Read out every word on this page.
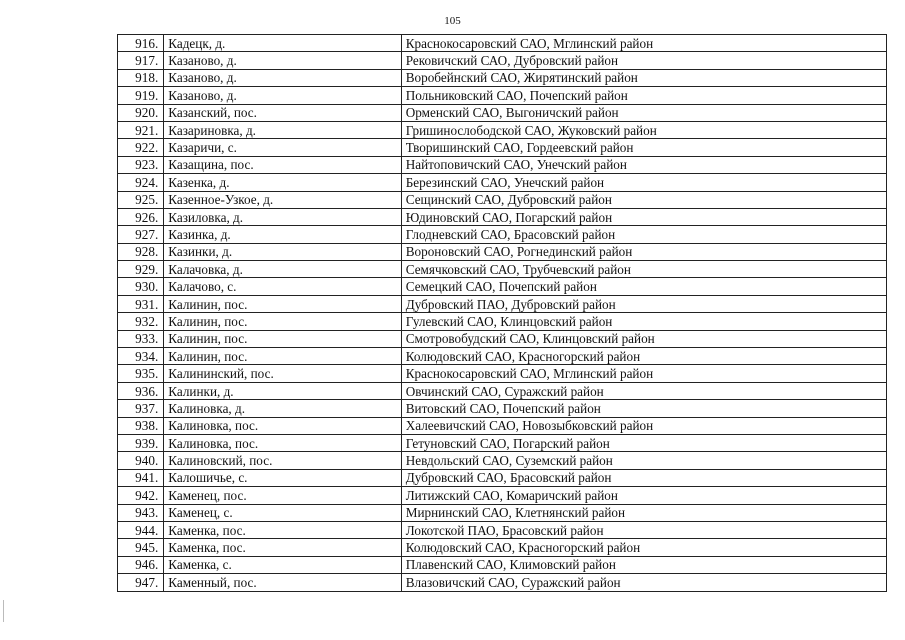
105
916.	Кадецк, д.	Краснокосаровский САО, Мглинский район
917.	Казаново, д.	Рековичский САО, Дубровский район
918.	Казаново, д.	Воробейнский САО, Жирятинский район
919.	Казаново, д.	Польниковский САО, Почепский район
920.	Казанский, пос.	Орменский САО, Выгоничский район
921.	Казариновка, д.	Гришинослободской САО, Жуковский район
922.	Казаричи, с.	Творишинский САО, Гордеевский район
923.	Казащина, пос.	Найтоповичский САО, Унечский район
924.	Казенка, д.	Березинский САО, Унечский район
925.	Казенное-Узкое, д.	Сещинский САО, Дубровский район
926.	Казиловка, д.	Юдиновский САО, Погарский район
927.	Казинка, д.	Глодневский САО, Брасовский район
928.	Казинки, д.	Вороновский САО, Рогнединский район
929.	Калачовка, д.	Семячковский САО, Трубчевский район
930.	Калачово, с.	Семецкий САО, Почепский район
931.	Калинин, пос.	Дубровский ПАО, Дубровский район
932.	Калинин, пос.	Гулевский САО, Клинцовский район
933.	Калинин, пос.	Смотровобудский САО, Клинцовский район
934.	Калинин, пос.	Колюдовский САО, Красногорский район
935.	Калининский, пос.	Краснокосаровский САО, Мглинский район
936.	Калинки, д.	Овчинский САО, Суражский район
937.	Калиновка, д.	Витовский САО, Почепский район
938.	Калиновка, пос.	Халеевичский САО, Новозыбковский район
939.	Калиновка, пос.	Гетуновский САО, Погарский район
940.	Калиновский, пос.	Невдольский САО, Суземский район
941.	Калошичье, с.	Дубровский САО, Брасовский район
942.	Каменец, пос.	Литижский САО, Комаричский район
943.	Каменец, с.	Мирнинский САО, Клетнянский район
944.	Каменка, пос.	Локотской ПАО, Брасовский район
945.	Каменка, пос.	Колюдовский САО, Красногорский район
946.	Каменка, с.	Плавенский САО, Климовский район
947.	Каменный, пос.	Влазовичский САО, Суражский район
